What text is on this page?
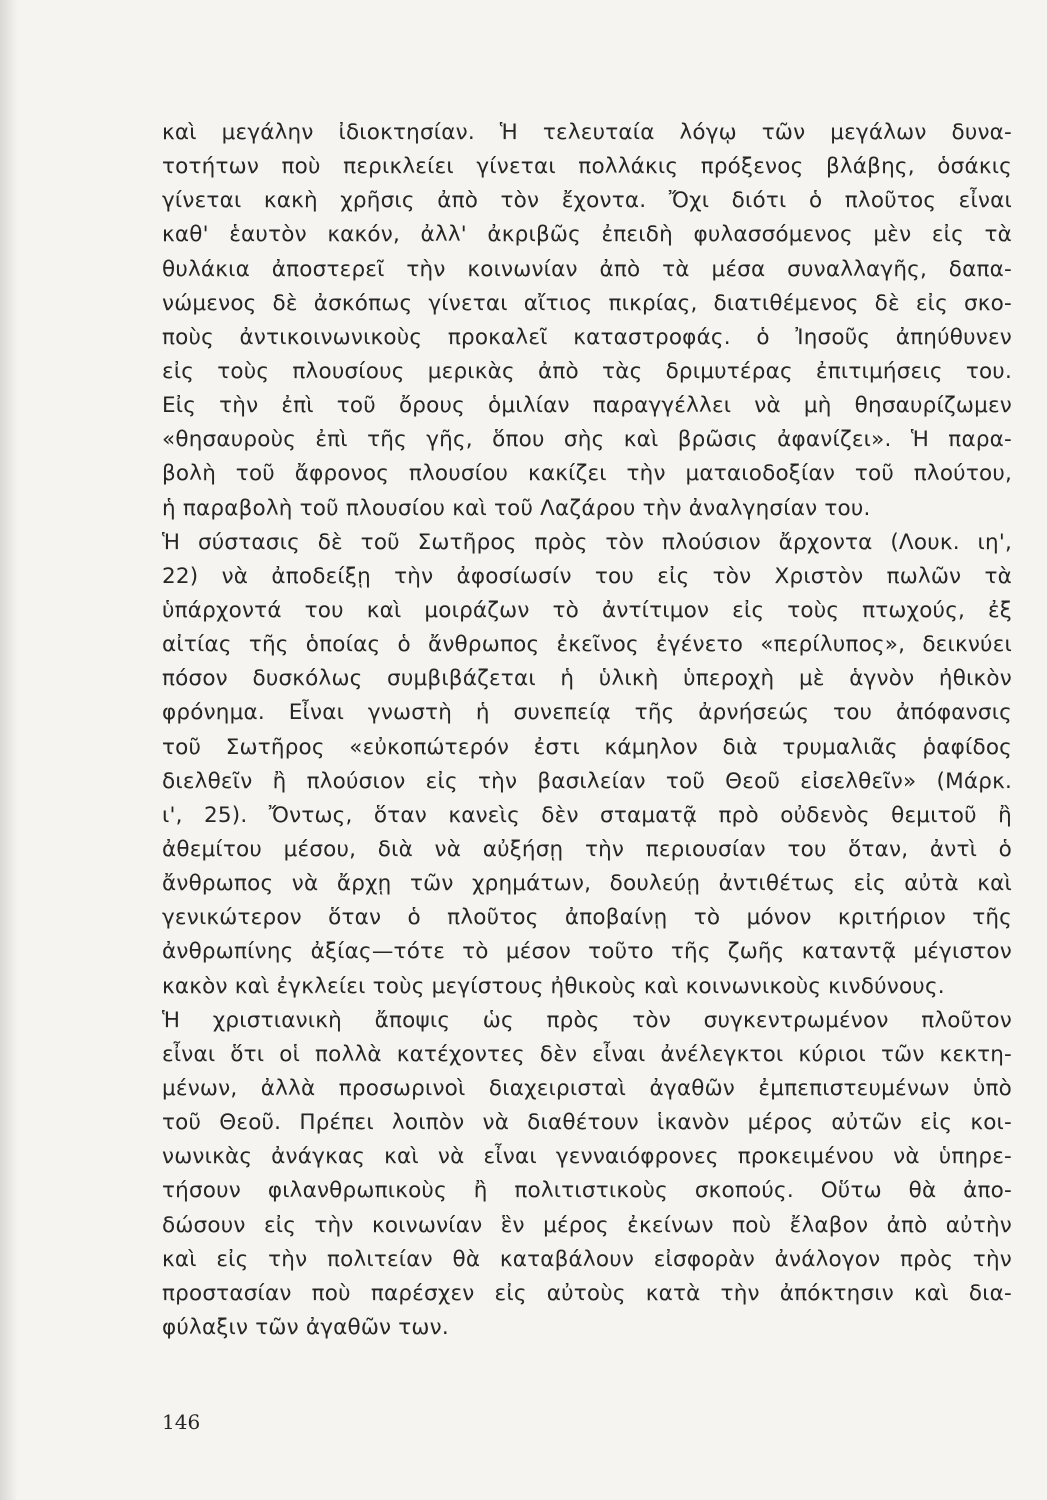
καὶ μεγάλην ἰδιοκτησίαν. Ἡ τελευταία λόγῳ τῶν μεγάλων δυνα-
τοτήτων ποὺ περικλείει γίνεται πολλάκις πρόξενος βλάβης, ὁσάκις
γίνεται κακὴ χρῆσις ἀπὸ τὸν ἔχοντα. Ὄχι διότι ὁ πλοῦτος εἶναι
καθ' ἑαυτὸν κακόν, ἀλλ' ἀκριβῶς ἐπειδὴ φυλασσόμενος μὲν εἰς τὰ
θυλάκια ἀποστερεῖ τὴν κοινωνίαν ἀπὸ τὰ μέσα συναλλαγῆς, δαπα-
νώμενος δὲ ἀσκόπως γίνεται αἴτιος πικρίας, διατιθέμενος δὲ εἰς σκο-
ποὺς ἀντικοινωνικοὺς προκαλεῖ καταστροφάς. ὁ Ἰησοῦς ἀπηύθυνεν
εἰς τοὺς πλουσίους μερικὰς ἀπὸ τὰς δριμυτέρας ἐπιτιμήσεις του.
Εἰς τὴν ἐπὶ τοῦ ὄρους ὁμιλίαν παραγγέλλει νὰ μὴ θησαυρίζωμεν
«θησαυροὺς ἐπὶ τῆς γῆς, ὅπου σὴς καὶ βρῶσις ἀφανίζει». Ἡ παρα-
βολὴ τοῦ ἄφρονος πλουσίου κακίζει τὴν ματαιοδοξίαν τοῦ πλούτου,
ἡ παραβολὴ τοῦ πλουσίου καὶ τοῦ Λαζάρου τὴν ἀναλγησίαν του.
Ἡ σύστασις δὲ τοῦ Σωτῆρος πρὸς τὸν πλούσιον ἄρχοντα (Λουκ. ιη',
22) νὰ ἀποδείξῃ τὴν ἀφοσίωσίν του εἰς τὸν Χριστὸν πωλῶν τὰ
ὑπάρχοντά του καὶ μοιράζων τὸ ἀντίτιμον εἰς τοὺς πτωχούς, ἐξ
αἰτίας τῆς ὁποίας ὁ ἄνθρωπος ἐκεῖνος ἐγένετο «περίλυπος», δεικνύει
πόσον δυσκόλως συμβιβάζεται ἡ ὑλικὴ ὑπεροχὴ μὲ ἁγνὸν ἠθικὸν
φρόνημα. Εἶναι γνωστὴ ἡ συνεπείᾳ τῆς ἀρνήσεώς του ἀπόφανσις
τοῦ Σωτῆρος «εὐκοπώτερόν ἐστι κάμηλον διὰ τρυμαλιᾶς ῥαφίδος
διελθεῖν ἢ πλούσιον εἰς τὴν βασιλείαν τοῦ Θεοῦ εἰσελθεῖν» (Μάρκ.
ι', 25). Ὄντως, ὅταν κανεὶς δὲν σταματᾷ πρὸ οὐδενὸς θεμιτοῦ ἢ
ἀθεμίτου μέσου, διὰ νὰ αὐξήσῃ τὴν περιουσίαν του ὅταν, ἀντὶ ὁ
ἄνθρωπος νὰ ἄρχῃ τῶν χρημάτων, δουλεύῃ ἀντιθέτως εἰς αὐτὰ καὶ
γενικώτερον ὅταν ὁ πλοῦτος ἀποβαίνῃ τὸ μόνον κριτήριον τῆς
ἀνθρωπίνης ἀξίας—τότε τὸ μέσον τοῦτο τῆς ζωῆς καταντᾷ μέγιστον
κακὸν καὶ ἐγκλείει τοὺς μεγίστους ἠθικοὺς καὶ κοινωνικοὺς κινδύνους.
Ἡ χριστιανικὴ ἄποψις ὡς πρὸς τὸν συγκεντρωμένον πλοῦτον
εἶναι ὅτι οἱ πολλὰ κατέχοντες δὲν εἶναι ἀνέλεγκτοι κύριοι τῶν κεκτη-
μένων, ἀλλὰ προσωρινοὶ διαχειρισταὶ ἀγαθῶν ἐμπεπιστευμένων ὑπὸ
τοῦ Θεοῦ. Πρέπει λοιπὸν νὰ διαθέτουν ἱκανὸν μέρος αὐτῶν εἰς κοι-
νωνικὰς ἀνάγκας καὶ νὰ εἶναι γενναιόφρονες προκειμένου νὰ ὑπηρε-
τήσουν φιλανθρωπικοὺς ἢ πολιτιστικοὺς σκοπούς. Οὕτω θὰ ἀπο-
δώσουν εἰς τὴν κοινωνίαν ἓν μέρος ἐκείνων ποὺ ἔλαβον ἀπὸ αὐτὴν
καὶ εἰς τὴν πολιτείαν θὰ καταβάλουν εἰσφορὰν ἀνάλογον πρὸς τὴν
προστασίαν ποὺ παρέσχεν εἰς αὐτοὺς κατὰ τὴν ἀπόκτησιν καὶ δια-
φύλαξιν τῶν ἀγαθῶν των.
146
